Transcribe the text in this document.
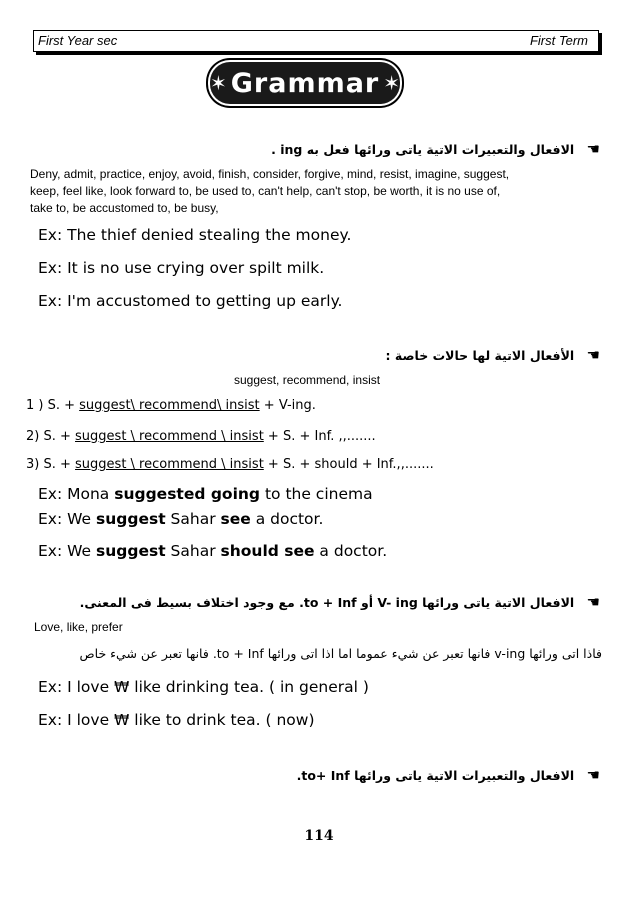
First Year sec	First Term
✶ Grammar ✶
☚ الافعال والتعبيرات الاتية ياتى ورائها فعل به ing .
Deny, admit, practice, enjoy, avoid, finish, consider, forgive, mind, resist, imagine, suggest,
keep, feel like, look forward to, be used to, can't help, can't stop, be worth, it is no use of,
take to, be accustomed to, be busy,
Ex: The thief denied stealing the money.
Ex: It is no use crying over spilt milk.
Ex: I'm accustomed to getting up early.
☚ الأفعال الاتية لها حالات خاصة :
suggest, recommend, insist
1 ) S. + suggest\ recommend\ insist + V-ing.
2) S. + suggest \ recommend \ insist + S. + Inf. ,,.......
3) S. + suggest \ recommend \ insist + S. + should + Inf.,,.......
Ex: Mona suggested going to the cinema
Ex: We suggest Sahar see a doctor.
Ex: We suggest Sahar should see a doctor.
☚ الافعال الاتية ياتى ورائها V- ing أو to + Inf. مع وجود اختلاف بسيط فى المعنى.
Love, like, prefer
فاذا اتى ورائها v-ing فانها تعبر عن شيء عموما اما اذا اتى ورائها to + Inf. فانها تعبر عن شيء خاص
Ex: I love ₩ like drinking tea. ( in general )
Ex: I love ₩ like to drink tea. ( now)
☚ الافعال والتعبيرات الاتية ياتى ورائها to+ Inf.
114
